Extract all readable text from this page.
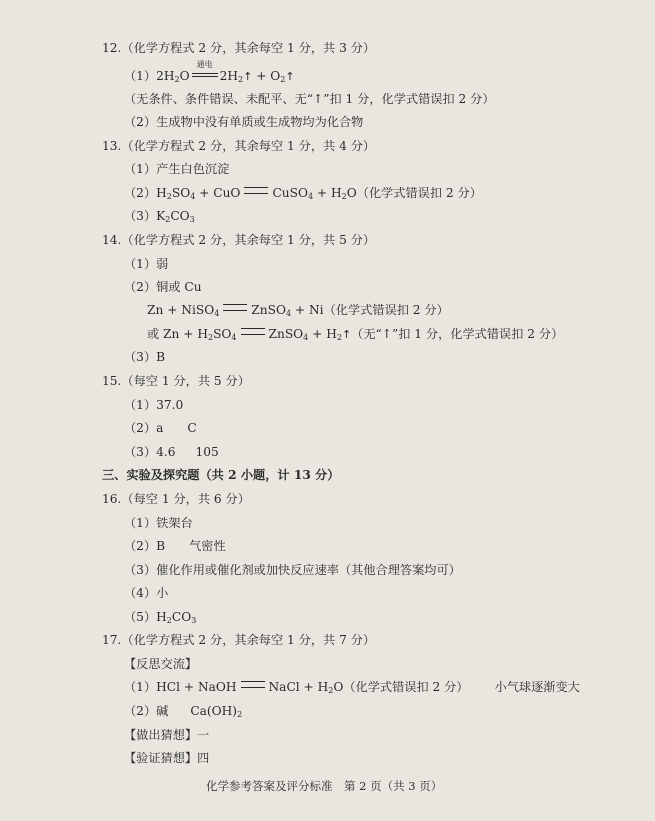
12.（化学方程式 2 分，其余每空 1 分，共 3 分）
$(1)2H_2O$
通电
$2H_2↑$ + $O_2↑$
（无条件、条件错误、未配平、无“↑”扣 1 分，化学式错误扣 2 分）
（2）生成物中没有单质或生成物均为化合物
13.（化学方程式 2 分，其余每空 1 分，共 4 分）
（1）产生白色沉淀
$(2)H_2SO_4$ + CuO	CuSO$_4$ + $H_2O$（化学式错误扣 2 分）
$(3)K_2CO_3$
14.（化学方程式 2 分，其余每空 1 分，共 5 分）
（1）弱
（2）铜或 Cu
Zn + NiSO$_4$	ZnSO$_4$ + Ni（化学式错误扣 2 分）
或 $Zn + H_2SO_4$	ZnSO$_4$ + $H_2↑$（无“↑”扣 1 分，化学式错误扣 2 分）
（3）B
15.（每空 1 分，共 5 分）
（1）37.0
（2）a C
（3）4.6 105
三、实验及探究题（共 2 小题，计 13 分）
16.（每空 1 分，共 6 分）
（1）铁架台
（2）B 气密性
（3）催化作用或催化剂或加快反应速率（其他合理答案均可）
（4）小
$(5)H_2CO_3$
17.（化学方程式 2 分，其余每空 1 分，共 7 分）
【反思交流】
（1）HCl + NaOH	NaCl + $H_2O$（化学式错误扣 2 分） 小气球逐渐变大
（2）碱 $Ca(OH)_2$
【做出猜想】一
【验证猜想】四
化学参考答案及评分标准　第 2 页（共 3 页）
